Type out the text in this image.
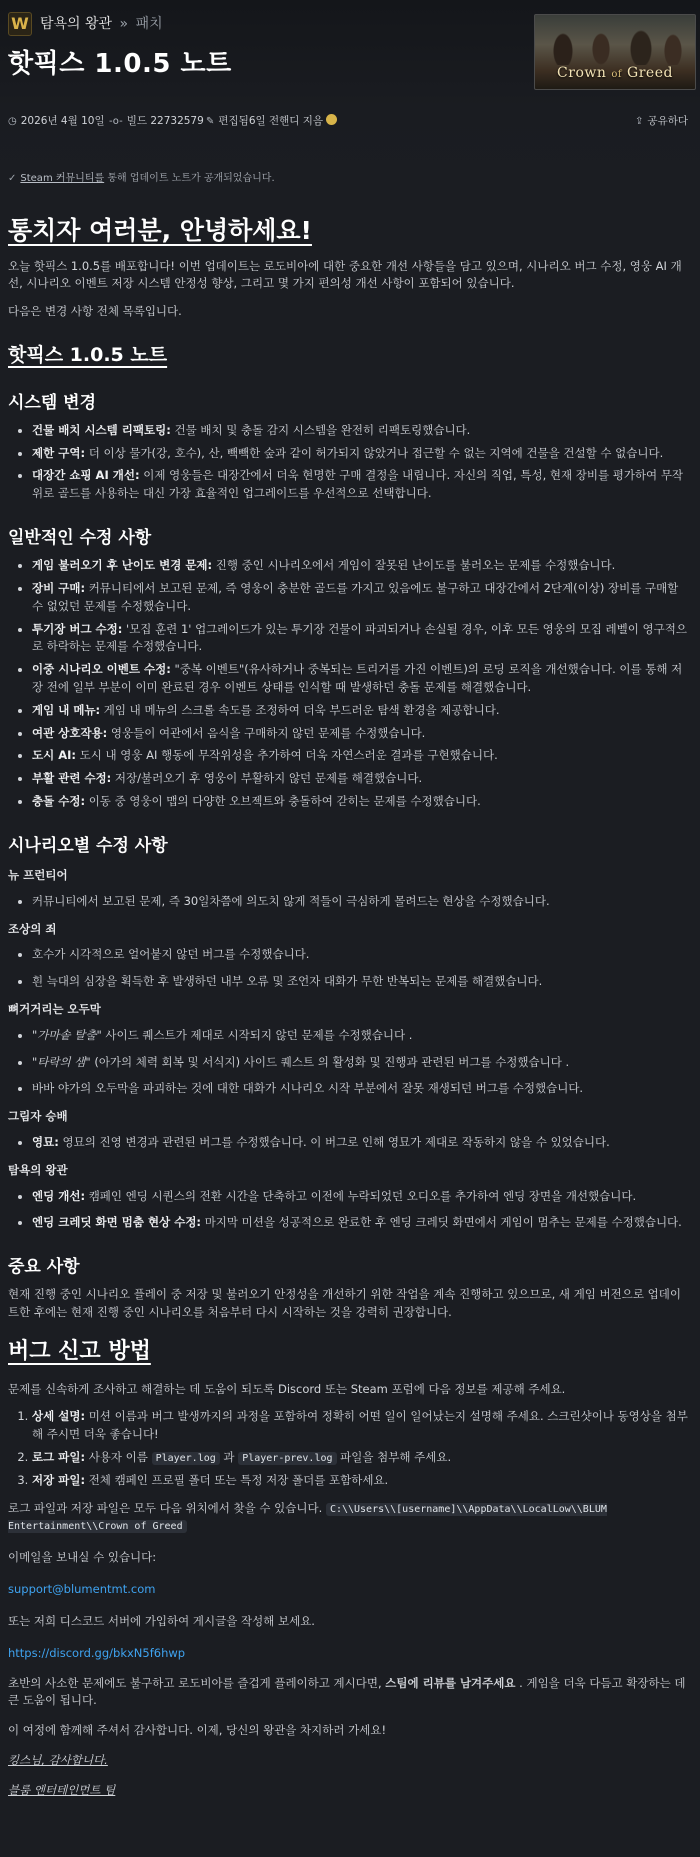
W 탐욕의 왕관 » 패치
핫픽스 1.0.5 노트	Crown of Greed
◷ 2026년 4월 10일 -o- 빌드 22732579 ✎ 편집됨6일 전핸디 지음	⇪ 공유하다
✓ Steam 커뮤니티를 통해 업데이트 노트가 공개되었습니다.
통치자 여러분, 안녕하세요!

오늘 핫픽스 1.0.5를 배포합니다! 이번 업데이트는 로도비아에 대한 중요한 개선 사항들을 담고 있으며, 시나리오 버그 수정, 영웅 AI 개선, 시나리오 이벤트 저장 시스템 안정성 향상, 그리고 몇 가지 편의성 개선 사항이 포함되어 있습니다.

다음은 변경 사항 전체 목록입니다.

핫픽스 1.0.5 노트
시스템 변경
• 건물 배치 시스템 리팩토링: 건물 배치 및 충돌 감지 시스템을 완전히 리팩토링했습니다.
• 제한 구역: 더 이상 물가(강, 호수), 산, 빽빽한 숲과 같이 허가되지 않았거나 접근할 수 없는 지역에 건물을 건설할 수 없습니다.
• 대장간 쇼핑 AI 개선: 이제 영웅들은 대장간에서 더욱 현명한 구매 결정을 내립니다. 자신의 직업, 특성, 현재 장비를 평가하여 무작위로 골드를 사용하는 대신 가장 효율적인 업그레이드를 우선적으로 선택합니다.
일반적인 수정 사항
• 게임 불러오기 후 난이도 변경 문제: 진행 중인 시나리오에서 게임이 잘못된 난이도를 불러오는 문제를 수정했습니다.
• 장비 구매: 커뮤니티에서 보고된 문제, 즉 영웅이 충분한 골드를 가지고 있음에도 불구하고 대장간에서 2단계(이상) 장비를 구매할 수 없었던 문제를 수정했습니다.
• 투기장 버그 수정: '모집 훈련 1' 업그레이드가 있는 투기장 건물이 파괴되거나 손실될 경우, 이후 모든 영웅의 모집 레벨이 영구적으로 하락하는 문제를 수정했습니다.
• 이중 시나리오 이벤트 수정: "중복 이벤트"(유사하거나 중복되는 트리거를 가진 이벤트)의 로딩 로직을 개선했습니다. 이를 통해 저장 전에 일부 부분이 이미 완료된 경우 이벤트 상태를 인식할 때 발생하던 충돌 문제를 해결했습니다.
• 게임 내 메뉴: 게임 내 메뉴의 스크롤 속도를 조정하여 더욱 부드러운 탐색 환경을 제공합니다.
• 여관 상호작용: 영웅들이 여관에서 음식을 구매하지 않던 문제를 수정했습니다.
• 도시 AI: 도시 내 영웅 AI 행동에 무작위성을 추가하여 더욱 자연스러운 결과를 구현했습니다.
• 부활 관련 수정: 저장/불러오기 후 영웅이 부활하지 않던 문제를 해결했습니다.
• 충돌 수정: 이동 중 영웅이 맵의 다양한 오브젝트와 충돌하여 갇히는 문제를 수정했습니다.
시나리오별 수정 사항
뉴 프런티어
• 커뮤니티에서 보고된 문제, 즉 30일차쯤에 의도치 않게 적들이 극심하게 몰려드는 현상을 수정했습니다.
조상의 죄
• 호수가 시각적으로 얼어붙지 않던 버그를 수정했습니다.
• 흰 늑대의 심장을 획득한 후 발생하던 내부 오류 및 조언자 대화가 무한 반복되는 문제를 해결했습니다.
뼈거거리는 오두막
• "가마솥 탈출" 사이드 퀘스트가 제대로 시작되지 않던 문제를 수정했습니다 .
• "타락의 샘" (아가의 체력 회복 및 서식지) 사이드 퀘스트 의 활성화 및 진행과 관련된 버그를 수정했습니다 .
• 바바 야가의 오두막을 파괴하는 것에 대한 대화가 시나리오 시작 부분에서 잘못 재생되던 버그를 수정했습니다.
그림자 승배
• 영묘: 영묘의 진영 변경과 관련된 버그를 수정했습니다. 이 버그로 인해 영묘가 제대로 작동하지 않을 수 있었습니다.
탐욕의 왕관
• 엔딩 개선: 캠페인 엔딩 시퀀스의 전환 시간을 단축하고 이전에 누락되었던 오디오를 추가하여 엔딩 장면을 개선했습니다.
• 엔딩 크레딧 화면 멈춤 현상 수정: 마지막 미션을 성공적으로 완료한 후 엔딩 크레딧 화면에서 게임이 멈추는 문제를 수정했습니다.
중요 사항

현재 진행 중인 시나리오 플레이 중 저장 및 불러오기 안정성을 개선하기 위한 작업을 계속 진행하고 있으므로, 새 게임 버전으로 업데이트한 후에는 현재 진행 중인 시나리오를 처음부터 다시 시작하는 것을 강력히 권장합니다.

버그 신고 방법

문제를 신속하게 조사하고 해결하는 데 도움이 되도록 Discord 또는 Steam 포럼에 다음 정보를 제공해 주세요.

1. 상세 설명: 미션 이름과 버그 발생까지의 과정을 포함하여 정확히 어떤 일이 일어났는지 설명해 주세요. 스크린샷이나 동영상을 첨부해 주시면 더욱 좋습니다!
2. 로그 파일: 사용자 이름 Player.log 과 Player-prev.log 파일을 첨부해 주세요.
3. 저장 파일: 전체 캠페인 프로필 폴더 또는 특정 저장 폴더를 포함하세요.

로그 파일과 저장 파일은 모두 다음 위치에서 찾을 수 있습니다. C:\\Users\\[username]\\AppData\\LocalLow\\BLUM Entertainment\\Crown of Greed

이메일을 보내실 수 있습니다:

support@blumentmt.com

또는 저희 디스코드 서버에 가입하여 게시글을 작성해 보세요.

https://discord.gg/bkxN5f6hwp

초반의 사소한 문제에도 불구하고 로도비아를 즐겁게 플레이하고 계시다면, 스팀에 리뷰를 남겨주세요 . 게임을 더욱 다듬고 확장하는 데 큰 도움이 됩니다.

이 여정에 함께해 주셔서 감사합니다. 이제, 당신의 왕관을 차지하러 가세요!

킹스님, 감사합니다.

블룸 엔터테인먼트 팀
